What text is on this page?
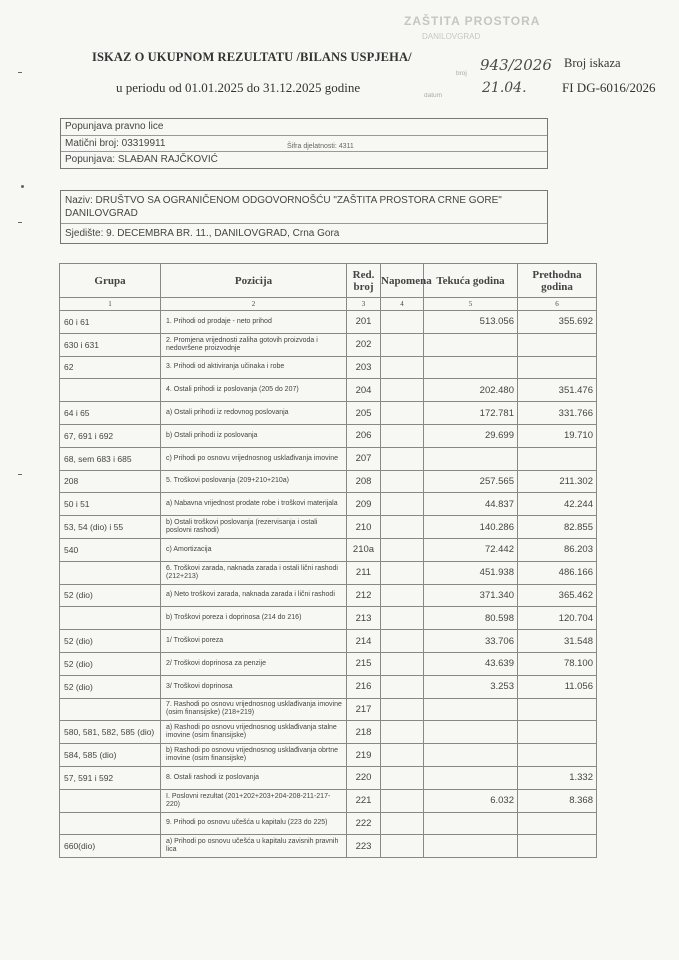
ZAŠTITA PROSTORA
DANILOVGRAD
ISKAZ O UKUPNOM REZULTATU /BILANS USPJEHA/
u periodu od 01.01.2025 do 31.12.2025 godine
broj 943/2026 Broj iskaza
datum	21.04.	FI DG-6016/2026
Popunjava pravno lice
Matični broj: 03319911	Šifra djelatnosti: 4311
Popunjava: SLAĐAN RAJČKOVIĆ
Naziv: DRUŠTVO SA OGRANIČENOM ODGOVORNOŠĆU "ZAŠTITA PROSTORA CRNE GORE" DANILOVGRAD
Sjedište: 9. DECEMBRA BR. 11., DANILOVGRAD, Crna Gora
Grupa	Pozicija	Red. broj	Napomena	Tekuća godina	Prethodna godina
1	2	3	4	5	6
60 i 61	1. Prihodi od prodaje - neto prihod	201		513.056	355.692
630 i 631	2. Promjena vrijednosti zaliha gotovih proizvoda i nedovršene proizvodnje	202			
62	3. Prihodi od aktiviranja učinaka i robe	203			
	4. Ostali prihodi iz poslovanja (205 do 207)	204		202.480	351.476
64 i 65	a) Ostali prihodi iz redovnog poslovanja	205		172.781	331.766
67, 691 i 692	b) Ostali prihodi iz poslovanja	206		29.699	19.710
68, sem 683 i 685	c) Prihodi po osnovu vrijednosnog usklađivanja imovine	207			
208	5. Troškovi poslovanja (209+210+210a)	208		257.565	211.302
50 i 51	a) Nabavna vrijednost prodate robe i troškovi materijala	209		44.837	42.244
53, 54 (dio) i 55	b) Ostali troškovi poslovanja (rezervisanja i ostali poslovni rashodi)	210		140.286	82.855
540	c) Amortizacija	210a		72.442	86.203
	6. Troškovi zarada, naknada zarada i ostali lični rashodi (212+213)	211		451.938	486.166
52 (dio)	a) Neto troškovi zarada, naknada zarada i lični rashodi	212		371.340	365.462
	b) Troškovi poreza i doprinosa (214 do 216)	213		80.598	120.704
52 (dio)	1/ Troškovi poreza	214		33.706	31.548
52 (dio)	2/ Troškovi doprinosa za penzije	215		43.639	78.100
52 (dio)	3/ Troškovi doprinosa	216		3.253	11.056
	7. Rashodi po osnovu vrijednosnog usklađivanja imovine (osim finansijske) (218+219)	217			
580, 581, 582, 585 (dio)	a) Rashodi po osnovu vrijednosnog usklađivanja stalne imovine (osim finansijske)	218			
584, 585 (dio)	b) Rashodi po osnovu vrijednosnog usklađivanja obrtne imovine (osim finansijske)	219			
57, 591 i 592	8. Ostali rashodi iz poslovanja	220			1.332
	I. Poslovni rezultat (201+202+203+204-208-211-217-220)	221		6.032	8.368
	9. Prihodi po osnovu učešća u kapitalu (223 do 225)	222			
660(dio)	a) Prihodi po osnovu učešća u kapitalu zavisnih pravnih lica	223			
